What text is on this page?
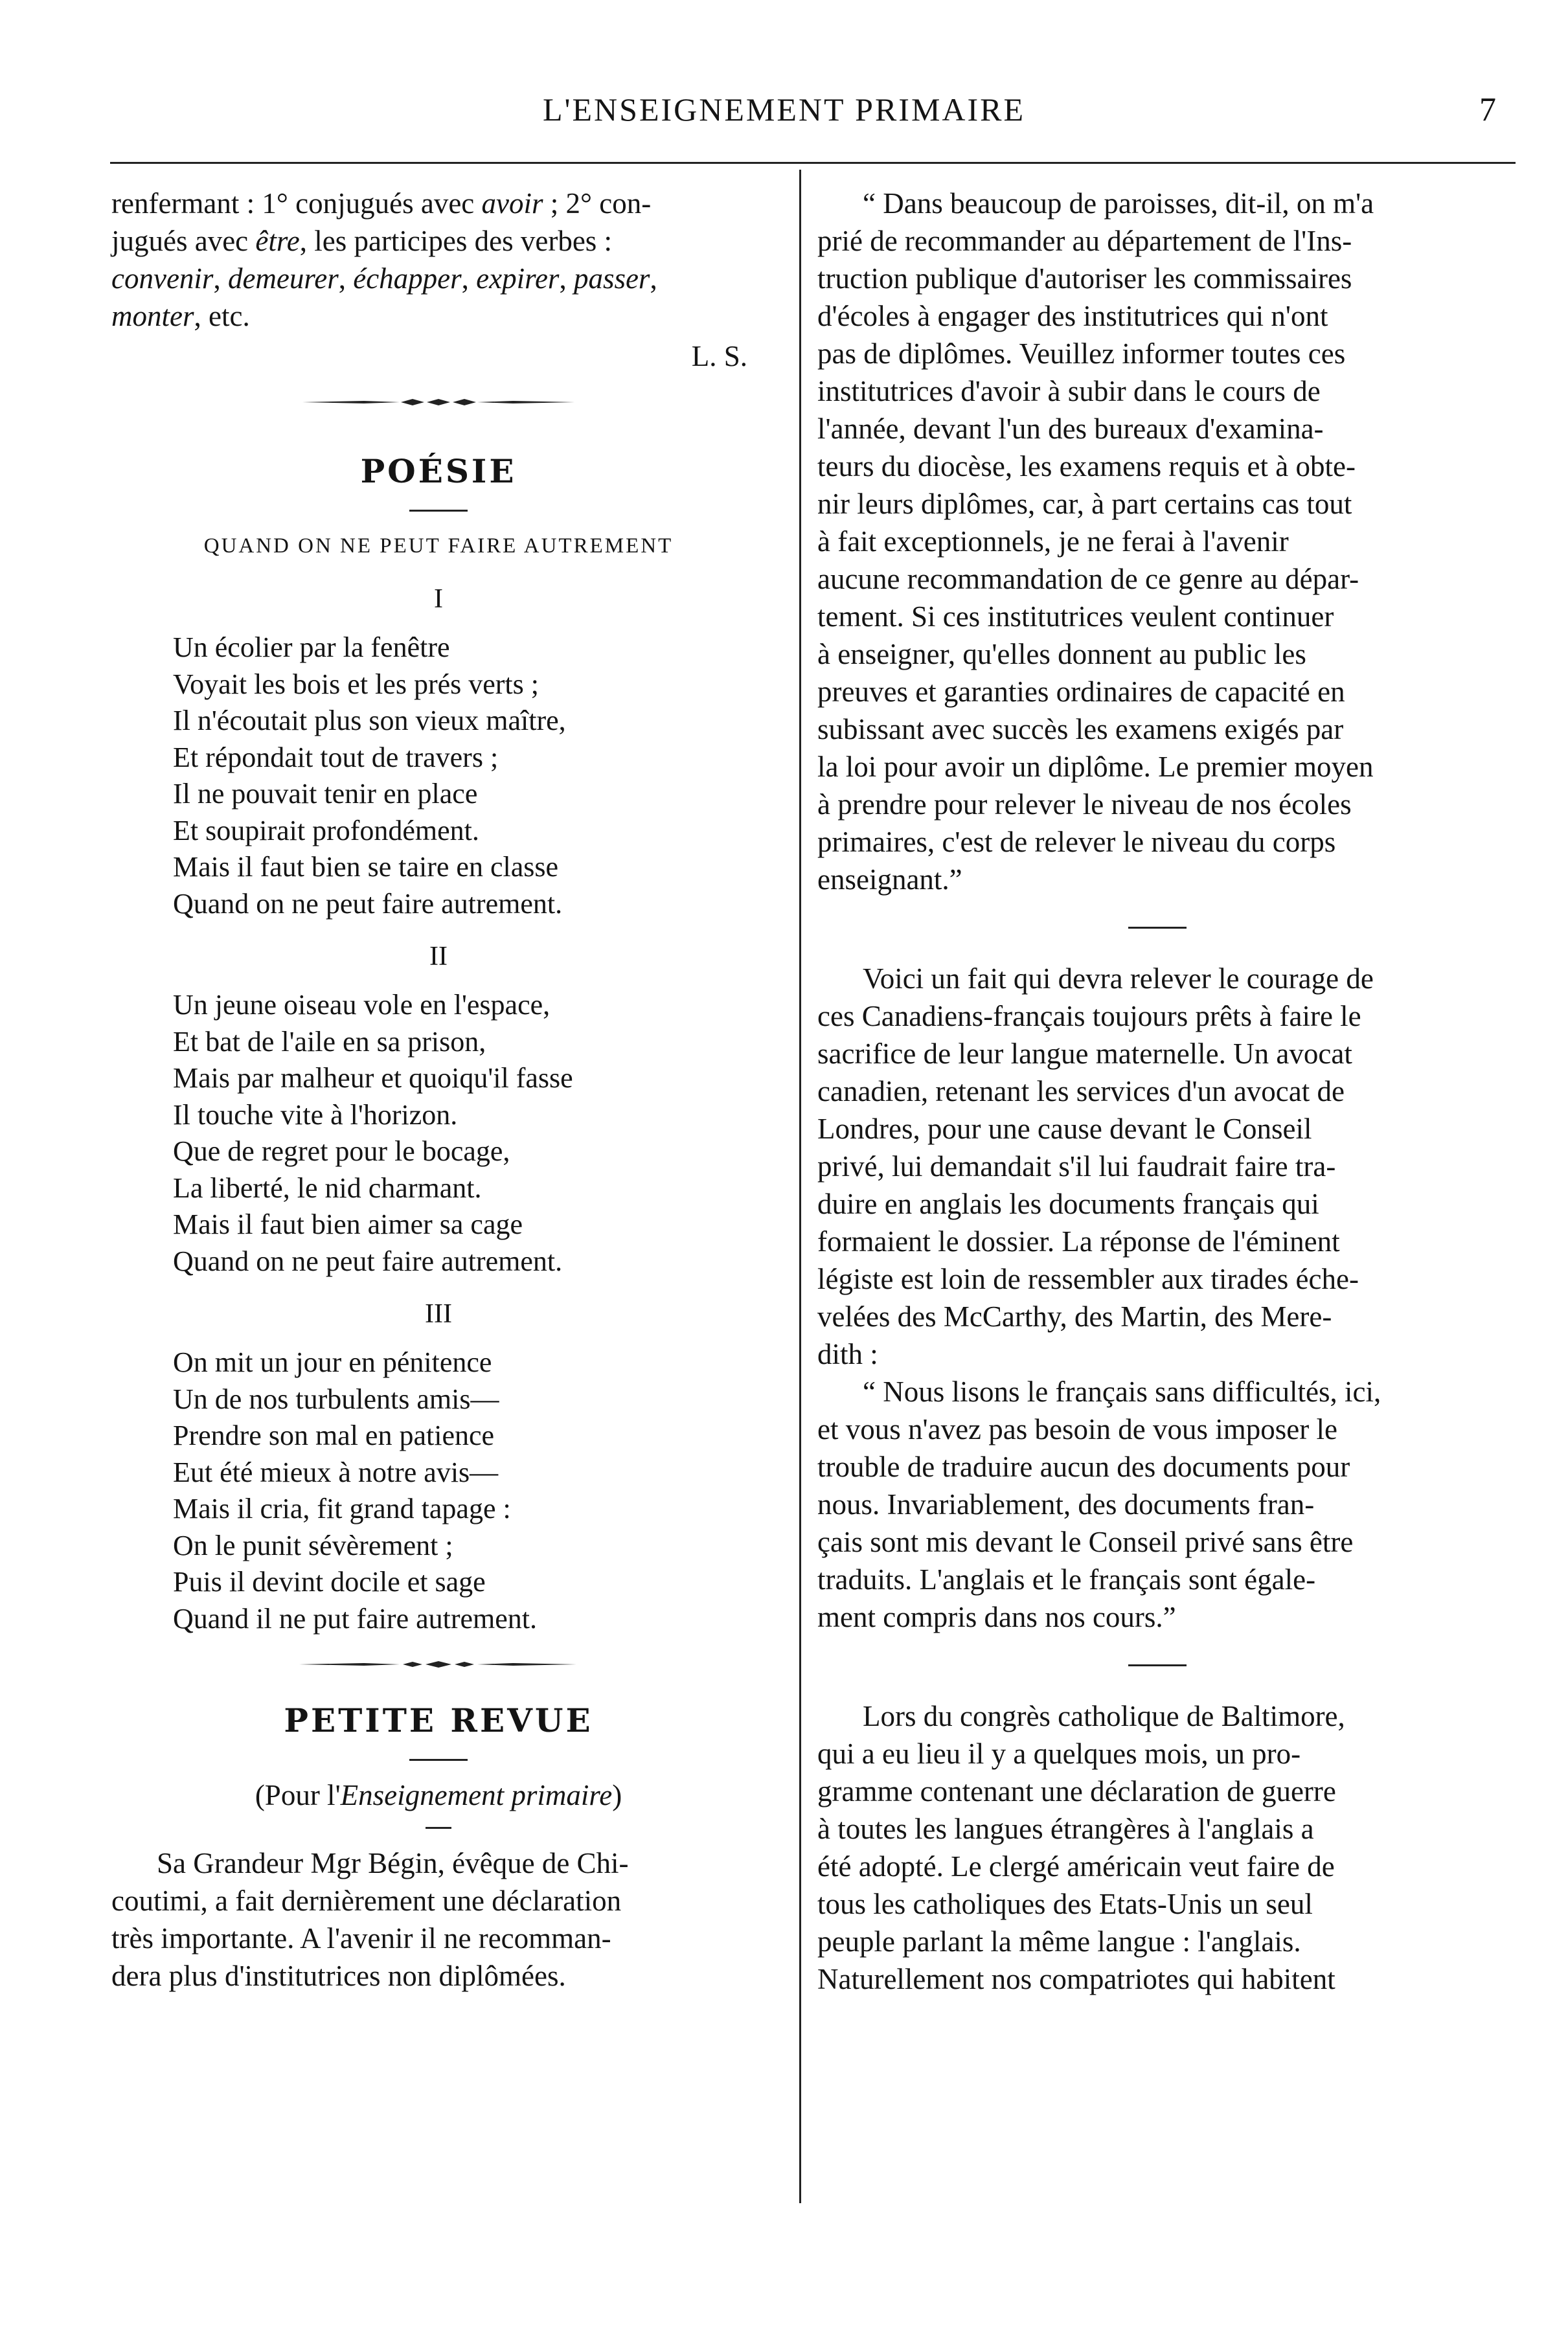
L'ENSEIGNEMENT PRIMAIRE	7
renfermant : 1° conjugués avec avoir ; 2° con-
jugués avec être, les participes des verbes :
convenir, demeurer, échapper, expirer, passer,
monter, etc.
L. S.
POÉSIE
QUAND ON NE PEUT FAIRE AUTREMENT
I
Un écolier par la fenêtre
Voyait les bois et les prés verts ;
Il n'écoutait plus son vieux maître,
Et répondait tout de travers ;
Il ne pouvait tenir en place
Et soupirait profondément.
Mais il faut bien se taire en classe
Quand on ne peut faire autrement.
II
Un jeune oiseau vole en l'espace,
Et bat de l'aile en sa prison,
Mais par malheur et quoiqu'il fasse
Il touche vite à l'horizon.
Que de regret pour le bocage,
La liberté, le nid charmant.
Mais il faut bien aimer sa cage
Quand on ne peut faire autrement.
III
On mit un jour en pénitence
Un de nos turbulents amis—
Prendre son mal en patience
Eut été mieux à notre avis—
Mais il cria, fit grand tapage :
On le punit sévèrement ;
Puis il devint docile et sage
Quand il ne put faire autrement.
PETITE REVUE
(Pour l'Enseignement primaire)
Sa Grandeur Mgr Bégin, évêque de Chi-
coutimi, a fait dernièrement une déclaration
très importante. A l'avenir il ne recomman-
dera plus d'institutrices non diplômées.
“ Dans beaucoup de paroisses, dit-il, on m'a
prié de recommander au département de l'Ins-
truction publique d'autoriser les commissaires
d'écoles à engager des institutrices qui n'ont
pas de diplômes. Veuillez informer toutes ces
institutrices d'avoir à subir dans le cours de
l'année, devant l'un des bureaux d'examina-
teurs du diocèse, les examens requis et à obte-
nir leurs diplômes, car, à part certains cas tout
à fait exceptionnels, je ne ferai à l'avenir
aucune recommandation de ce genre au dépar-
tement. Si ces institutrices veulent continuer
à enseigner, qu'elles donnent au public les
preuves et garanties ordinaires de capacité en
subissant avec succès les examens exigés par
la loi pour avoir un diplôme. Le premier moyen
à prendre pour relever le niveau de nos écoles
primaires, c'est de relever le niveau du corps
enseignant.”
Voici un fait qui devra relever le courage de
ces Canadiens-français toujours prêts à faire le
sacrifice de leur langue maternelle. Un avocat
canadien, retenant les services d'un avocat de
Londres, pour une cause devant le Conseil
privé, lui demandait s'il lui faudrait faire tra-
duire en anglais les documents français qui
formaient le dossier. La réponse de l'éminent
légiste est loin de ressembler aux tirades éche-
velées des McCarthy, des Martin, des Mere-
dith :
“ Nous lisons le français sans difficultés, ici,
et vous n'avez pas besoin de vous imposer le
trouble de traduire aucun des documents pour
nous. Invariablement, des documents fran-
çais sont mis devant le Conseil privé sans être
traduits. L'anglais et le français sont égale-
ment compris dans nos cours.”
Lors du congrès catholique de Baltimore,
qui a eu lieu il y a quelques mois, un pro-
gramme contenant une déclaration de guerre
à toutes les langues étrangères à l'anglais a
été adopté. Le clergé américain veut faire de
tous les catholiques des Etats-Unis un seul
peuple parlant la même langue : l'anglais.
Naturellement nos compatriotes qui habitent
